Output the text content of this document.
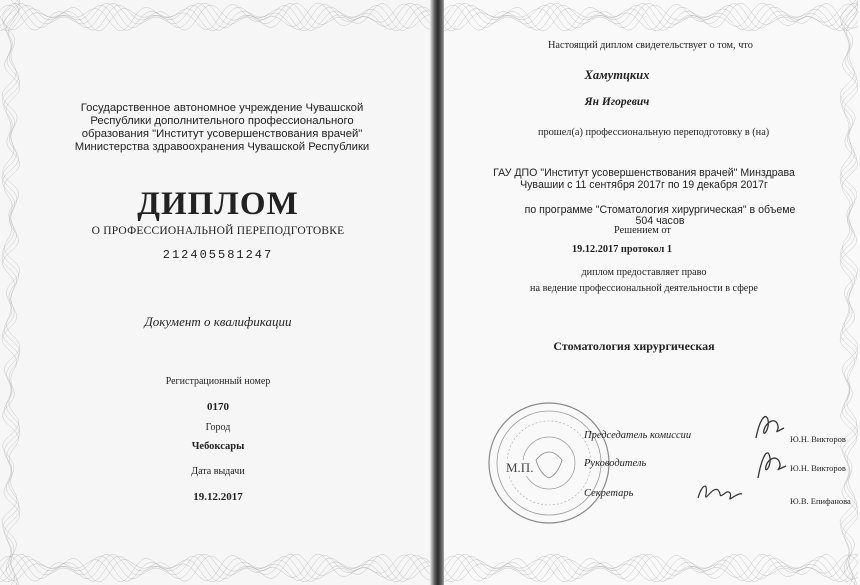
Государственное автономное учреждение Чувашской
Республики дополнительного профессионального
образования "Институт усовершенствования врачей"
Министерства здравоохранения Чувашской Республики
ДИПЛОМ
О ПРОФЕССИОНАЛЬНОЙ ПЕРЕПОДГОТОВКЕ
212405581247
Документ о квалификации
Регистрационный номер
0170
Город
Чебоксары
Дата выдачи
19.12.2017
Настоящий диплом свидетельствует о том, что
Хамутцких
Ян Игоревич
прошел(а) профессиональную переподготовку в (на)
ГАУ ДПО "Институт усовершенствования врачей" Минздрава
Чувашии с 11 сентября 2017г по 19 декабря 2017г
по программе "Стоматология хирургическая" в объеме
504 часов
Решением от
19.12.2017 протокол 1
диплом предоставляет право
на ведение профессиональной деятельности в сфере
Стоматология хирургическая
М.П.
Председатель комиссии	Ю.Н. Викторов
Руководитель	Ю.Н. Викторов
Секретарь
Ю.В. Епифанова
